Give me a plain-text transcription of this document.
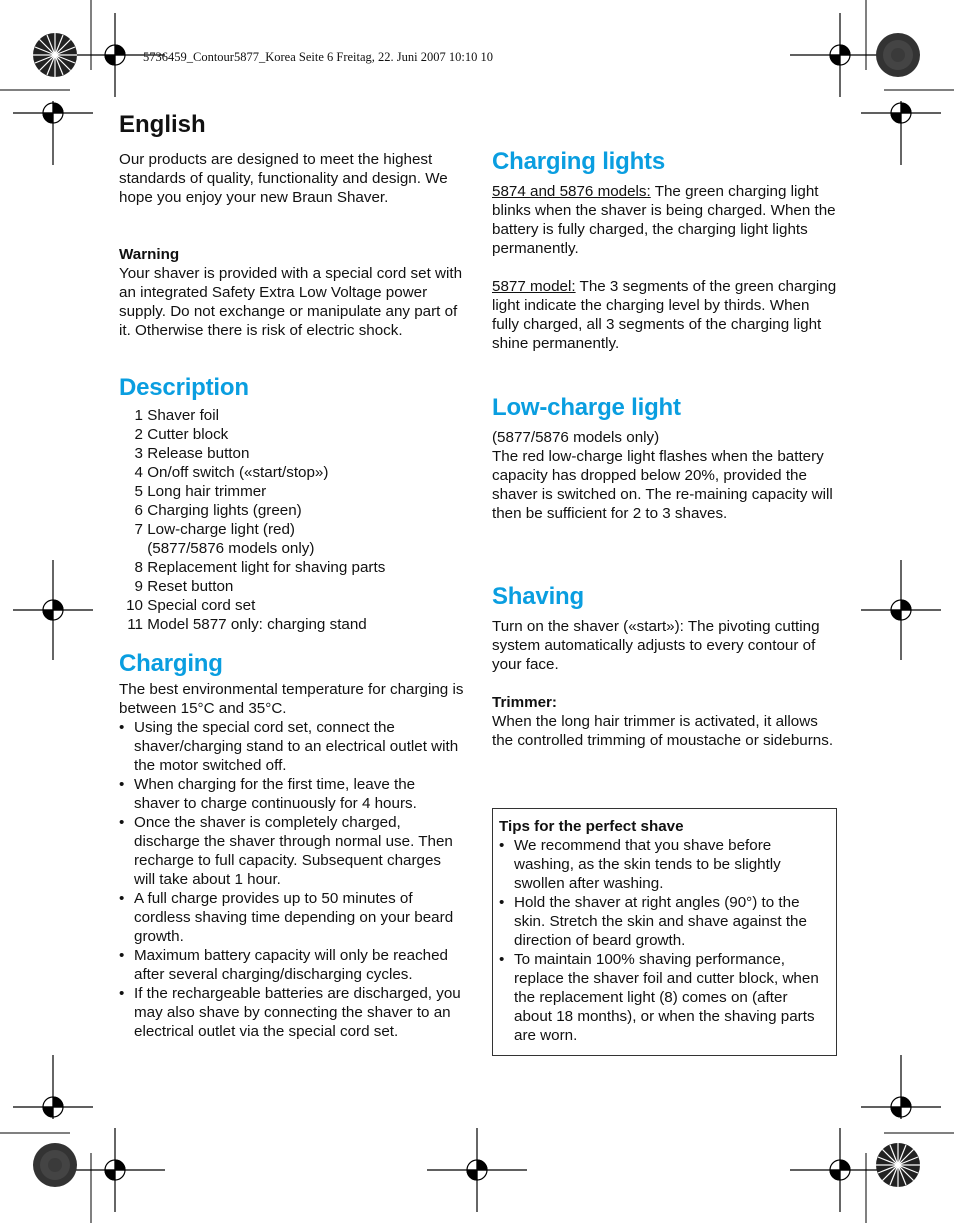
5736459_Contour5877_Korea Seite 6 Freitag, 22. Juni 2007 10:10 10
English

Our products are designed to meet the highest standards of quality, functionality and design. We hope you enjoy your new Braun Shaver.

Warning

Your shaver is provided with a special cord set with an integrated Safety Extra Low Voltage power supply. Do not exchange or manipulate any part of it. Otherwise there is risk of electric shock.

Description
1
Shaver foil
2
Cutter block
3
Release button
4
On/off switch («start/stop»)
5
Long hair trimmer
6
Charging lights (green)
7
Low-charge light (red)

(5877/5876 models only)
8
Replacement light for shaving parts
9
Reset button
10
Special cord set
11
Model 5877 only: charging stand
Charging

The best environmental temperature for charging is between 15°C and 35°C.

• Using the special cord set, connect the shaver/charging stand to an electrical outlet with the motor switched off.
• When charging for the first time, leave the shaver to charge continuously for 4 hours.
• Once the shaver is completely charged, discharge the shaver through normal use. Then recharge to full capacity. Subsequent charges will take about 1 hour.
• A full charge provides up to 50 minutes of cordless shaving time depending on your beard growth.
• Maximum battery capacity will only be reached after several charging/discharging cycles.
• If the rechargeable batteries are discharged, you may also shave by connecting the shaver to an electrical outlet via the special cord set.
Charging lights

5874 and 5876 models: The green charging light blinks when the shaver is being charged. When the battery is fully charged, the charging light lights permanently.

5877 model: The 3 segments of the green charging light indicate the charging level by thirds. When fully charged, all 3 segments of the charging light shine permanently.

Low-charge light

(5877/5876 models only)

The red low-charge light flashes when the battery capacity has dropped below 20%, provided the shaver is switched on. The re-maining capacity will then be sufficient for 2 to 3 shaves.

Shaving

Turn on the shaver («start»): The pivoting cutting system automatically adjusts to every contour of your face.

Trimmer:

When the long hair trimmer is activated, it allows the controlled trimming of moustache or sideburns.

Tips for the perfect shave

• We recommend that you shave before washing, as the skin tends to be slightly swollen after washing.
• Hold the shaver at right angles (90°) to the skin. Stretch the skin and shave against the direction of beard growth.
• To maintain 100% shaving performance, replace the shaver foil and cutter block, when the replacement light (8) comes on (after about 18 months), or when the shaving parts are worn.
